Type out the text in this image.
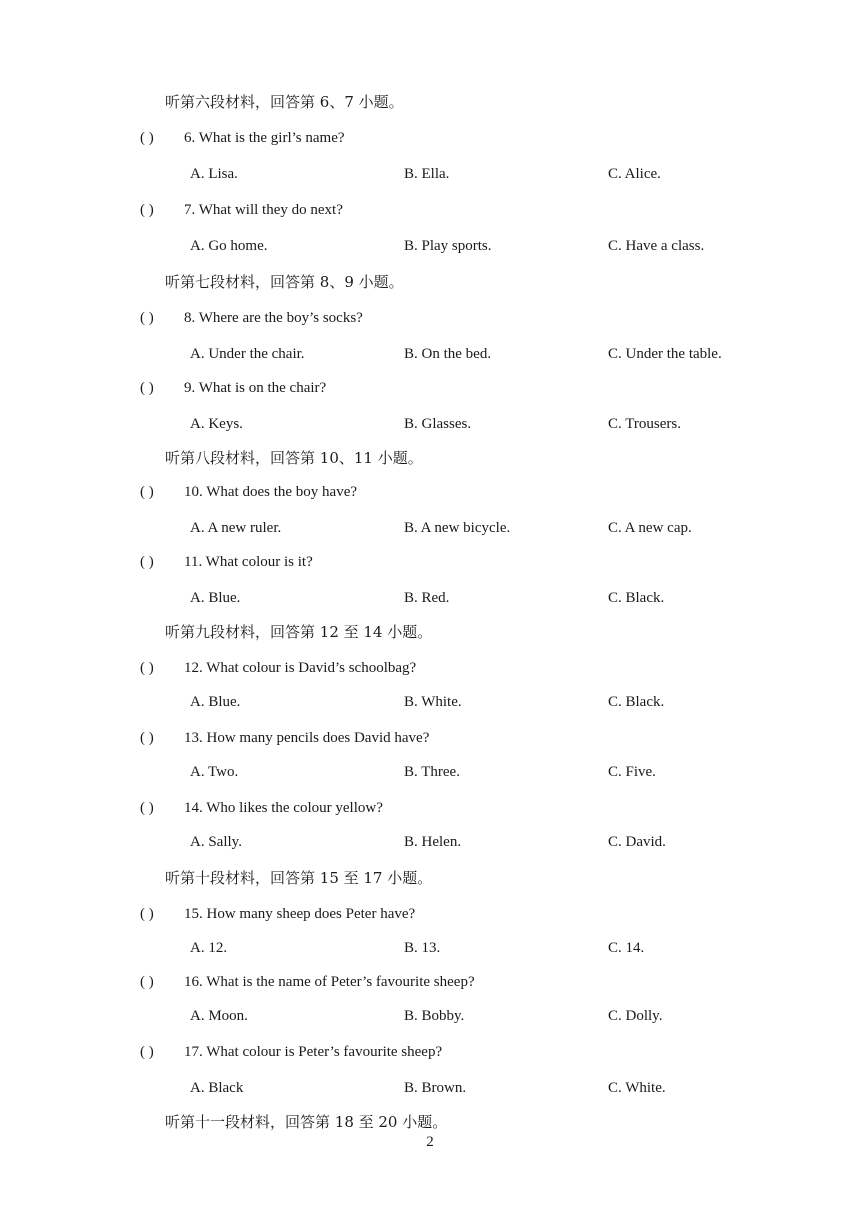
听第六段材料，回答第 6、7 小题。
A. Lisa.	B. Ella.	C. Alice.
( ) 6. What is the girl’s name?
A. Go home.	B. Play sports.	C. Have a class.
( ) 7. What will they do next?
听第七段材料，回答第 8、9 小题。
A. Under the chair.	B. On the bed.	C. Under the table.
( ) 8. Where are the boy’s socks?
A. Keys.	B. Glasses.	C. Trousers.
( ) 9. What is on the chair?
听第八段材料，回答第 10、11 小题。
A. A new ruler.	B. A new bicycle.	C. A new cap.
( ) 10. What does the boy have?
A. Blue.	B. Red.	C. Black.
( ) 11. What colour is it?
听第九段材料，回答第 12 至 14 小题。
A. Blue.	B. White.	C. Black.
( ) 12. What colour is David’s schoolbag?
A. Two.	B. Three.	C. Five.
( ) 13. How many pencils does David have?
A. Sally.	B. Helen.	C. David.
( ) 14. Who likes the colour yellow?
听第十段材料，回答第 15 至 17 小题。
A. 12.	B. 13.	C. 14.
( ) 15. How many sheep does Peter have?
A. Moon.	B. Bobby.	C. Dolly.
( ) 16. What is the name of Peter’s favourite sheep?
A. Black	B. Brown.	C. White.
( ) 17. What colour is Peter’s favourite sheep?
听第十一段材料，回答第 18 至 20 小题。
2
